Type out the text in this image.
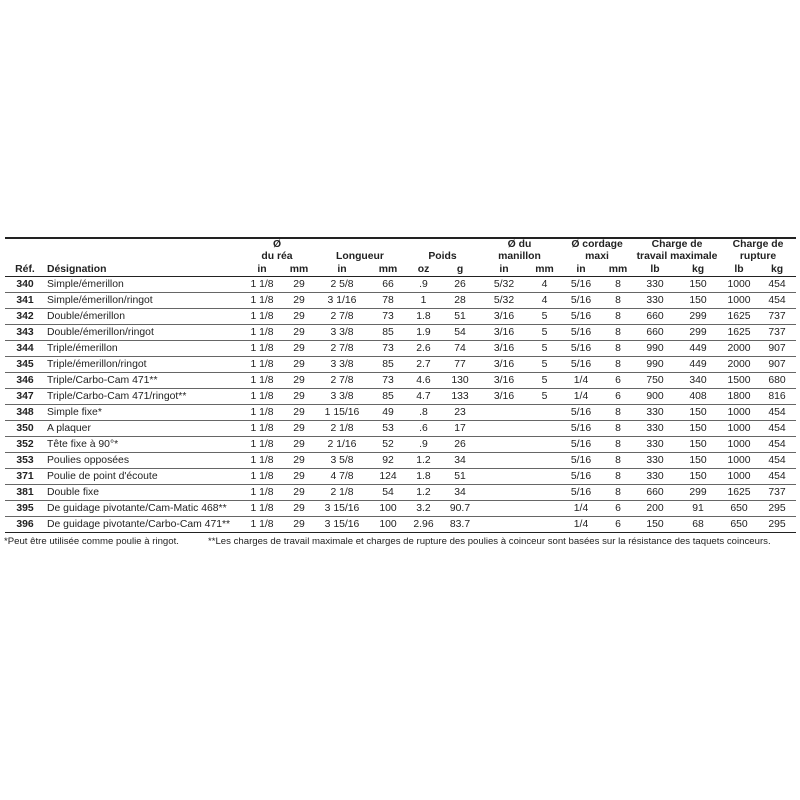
		Ø						Ø du		Ø cordage		Charge de		Charge de	
		du réa		Longueur		Poids		manillon		maxi		travail maximale		rupture	
Réf.	Désignation	in	mm	in	mm	oz	g	in	mm	in	mm	lb	kg	lb	kg
340	Simple/émerillon	1 1/8	29	2 5/8	66	.9	26	5/32	4	5/16	8	330	150	1000	454
341	Simple/émerillon/ringot	1 1/8	29	3 1/16	78	1	28	5/32	4	5/16	8	330	150	1000	454
342	Double/émerillon	1 1/8	29	2 7/8	73	1.8	51	3/16	5	5/16	8	660	299	1625	737
343	Double/émerillon/ringot	1 1/8	29	3 3/8	85	1.9	54	3/16	5	5/16	8	660	299	1625	737
344	Triple/émerillon	1 1/8	29	2 7/8	73	2.6	74	3/16	5	5/16	8	990	449	2000	907
345	Triple/émerillon/ringot	1 1/8	29	3 3/8	85	2.7	77	3/16	5	5/16	8	990	449	2000	907
346	Triple/Carbo-Cam 471**	1 1/8	29	2 7/8	73	4.6	130	3/16	5	1/4	6	750	340	1500	680
347	Triple/Carbo-Cam 471/ringot**	1 1/8	29	3 3/8	85	4.7	133	3/16	5	1/4	6	900	408	1800	816
348	Simple fixe*	1 1/8	29	1 15/16	49	.8	23			5/16	8	330	150	1000	454
350	A plaquer	1 1/8	29	2 1/8	53	.6	17			5/16	8	330	150	1000	454
352	Tête fixe à 90°*	1 1/8	29	2 1/16	52	.9	26			5/16	8	330	150	1000	454
353	Poulies opposées	1 1/8	29	3 5/8	92	1.2	34			5/16	8	330	150	1000	454
371	Poulie de point d'écoute	1 1/8	29	4 7/8	124	1.8	51			5/16	8	330	150	1000	454
381	Double fixe	1 1/8	29	2 1/8	54	1.2	34			5/16	8	660	299	1625	737
395	De guidage pivotante/Cam-Matic 468**	1 1/8	29	3 15/16	100	3.2	90.7			1/4	6	200	91	650	295
396	De guidage pivotante/Carbo-Cam 471**	1 1/8	29	3 15/16	100	2.96	83.7			1/4	6	150	68	650	295
*Peut être utilisée comme poulie à ringot.	**Les charges de travail maximale et charges de rupture des poulies à coinceur sont basées sur la résistance des taquets coinceurs.
